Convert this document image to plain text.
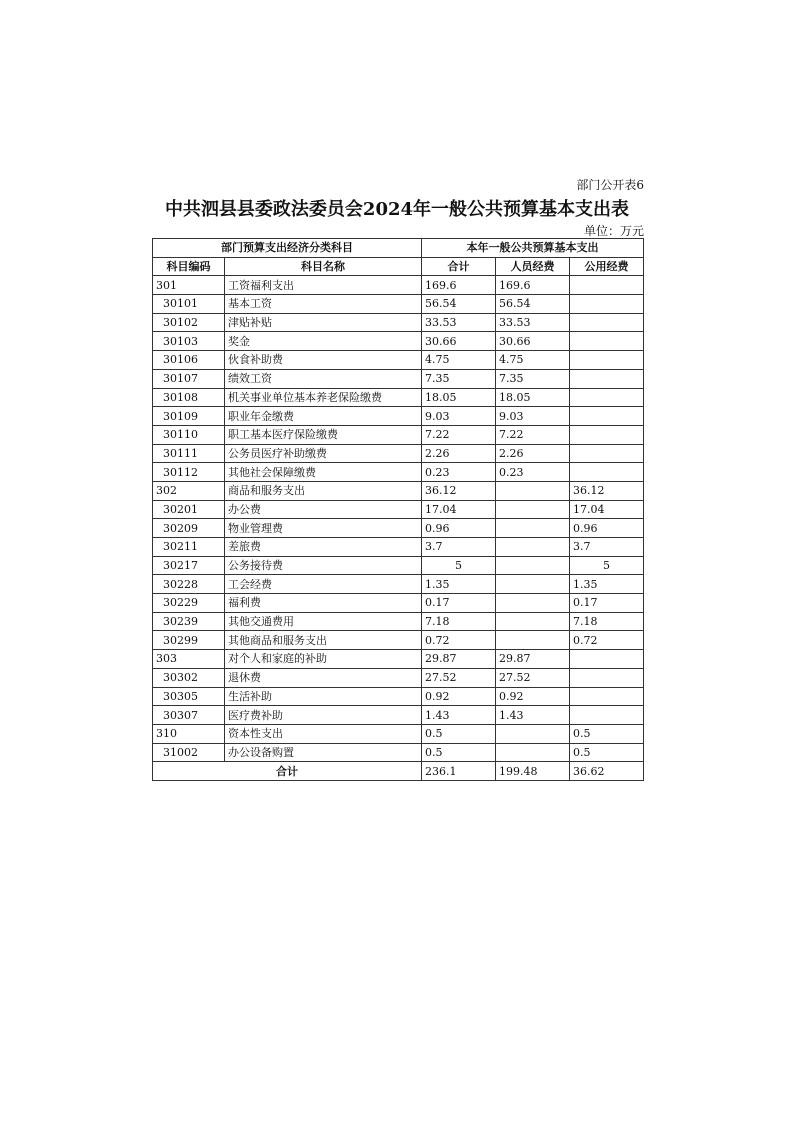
部门公开表6
中共泗县县委政法委员会2024年一般公共预算基本支出表
单位：万元
部门预算支出经济分类科目		本年一般公共预算基本支出		
科目编码	科目名称	合计	人员经费	公用经费
301	工资福利支出	169.6	169.6	
30101	基本工资	56.54	56.54	
30102	津贴补贴	33.53	33.53	
30103	奖金	30.66	30.66	
30106	伙食补助费	4.75	4.75	
30107	绩效工资	7.35	7.35	
30108	机关事业单位基本养老保险缴费	18.05	18.05	
30109	职业年金缴费	9.03	9.03	
30110	职工基本医疗保险缴费	7.22	7.22	
30111	公务员医疗补助缴费	2.26	2.26	
30112	其他社会保障缴费	0.23	0.23	
302	商品和服务支出	36.12		36.12
30201	办公费	17.04		17.04
30209	物业管理费	0.96		0.96
30211	差旅费	3.7		3.7
30217	公务接待费	5		5
30228	工会经费	1.35		1.35
30229	福利费	0.17		0.17
30239	其他交通费用	7.18		7.18
30299	其他商品和服务支出	0.72		0.72
303	对个人和家庭的补助	29.87	29.87	
30302	退休费	27.52	27.52	
30305	生活补助	0.92	0.92	
30307	医疗费补助	1.43	1.43	
310	资本性支出	0.5		0.5
31002	办公设备购置	0.5		0.5
合计		236.1	199.48	36.62
